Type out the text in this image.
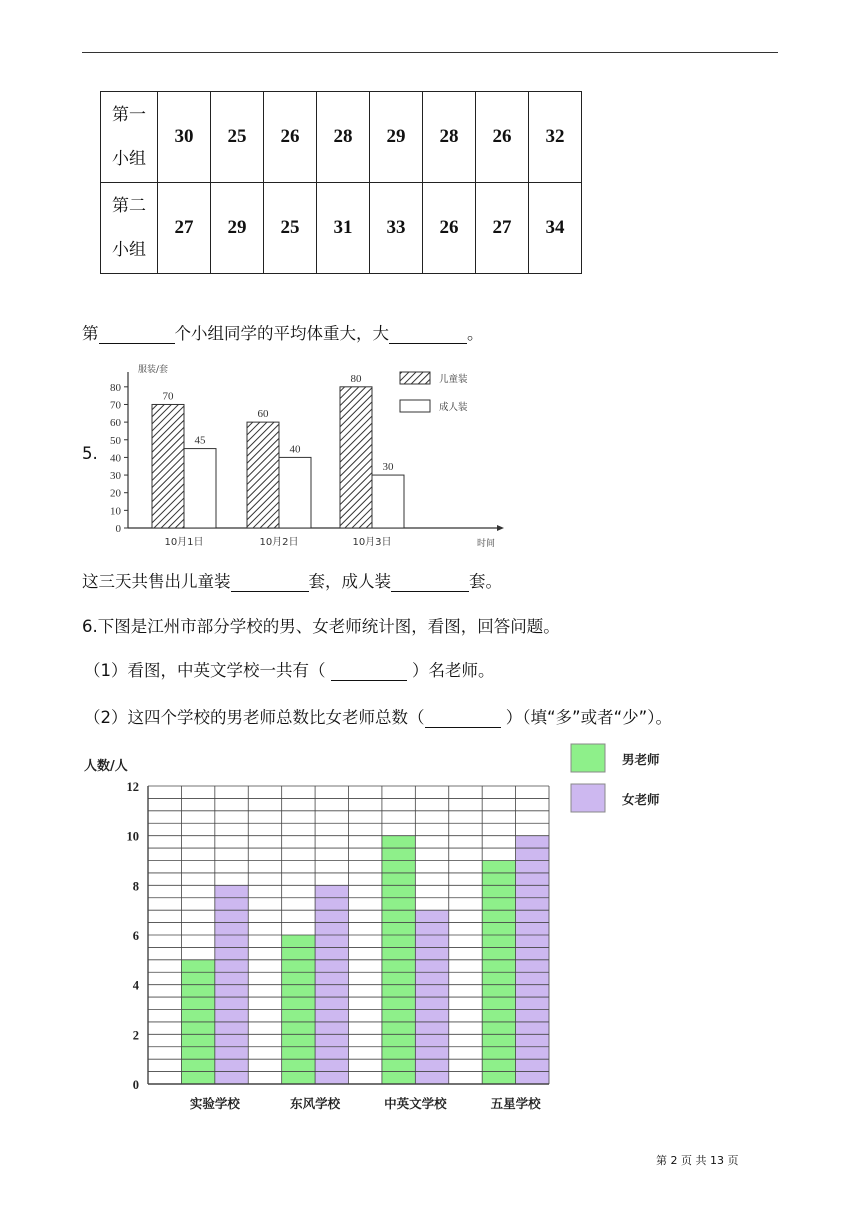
第一
小组	30	25	26	28	29	28	26	32
第二
小组	27	29	25	31	33	26	27	34
第	个小组同学的平均体重大，大	。
5.
0
10
20
30
40
50
60
70
80
服装/套
时间
70
45
10月1日
60
40
10月2日
80
30
10月3日
儿童装
成人装
这三天共售出儿童装	套，成人装	套。
6.下图是江州市部分学校的男、女老师统计图，看图，回答问题。
（1）看图，中英文学校一共有（	）名老师。
（2）这四个学校的男老师总数比女老师总数（	）（填“多”或者“少”）。
实验学校	东风学校	中英文学校	五星学校
0
2
4
6
8
10
12
人数/人	男老师
女老师
第 2 页 共 13 页
